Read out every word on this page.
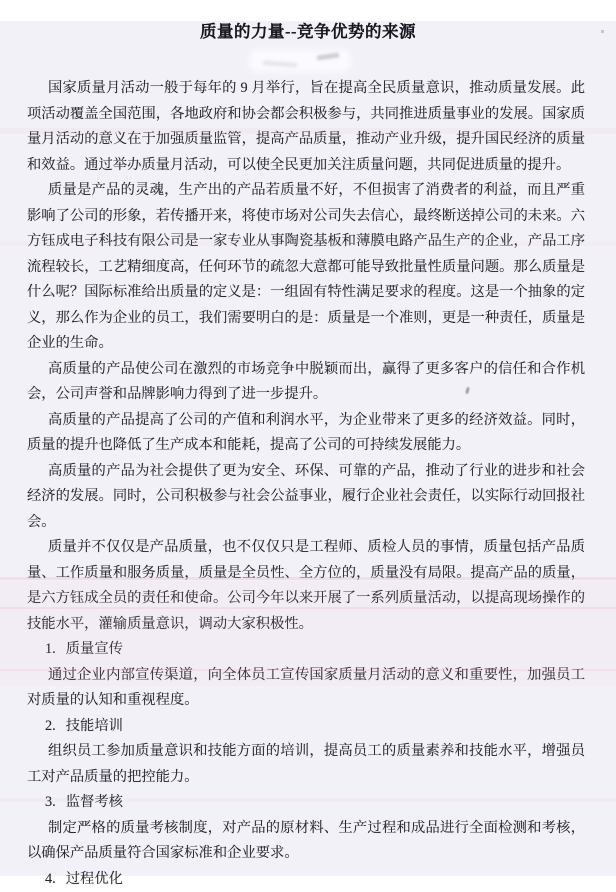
质量的力量--竞争优势的来源

国家质量月活动一般于每年的 9 月举行，旨在提高全民质量意识，推动质量发展。此项活动覆盖全国范围，各地政府和协会都会积极参与，共同推进质量事业的发展。国家质量月活动的意义在于加强质量监管，提高产品质量，推动产业升级，提升国民经济的质量和效益。通过举办质量月活动，可以使全民更加关注质量问题，共同促进质量的提升。

质量是产品的灵魂，生产出的产品若质量不好，不但损害了消费者的利益，而且严重影响了公司的形象，若传播开来，将使市场对公司失去信心，最终断送掉公司的未来。六方钰成电子科技有限公司是一家专业从事陶瓷基板和薄膜电路产品生产的企业，产品工序流程较长，工艺精细度高，任何环节的疏忽大意都可能导致批量性质量问题。那么质量是什么呢？国际标准给出质量的定义是：一组固有特性满足要求的程度。这是一个抽象的定义，那么作为企业的员工，我们需要明白的是：质量是一个准则，更是一种责任，质量是企业的生命。

高质量的产品使公司在激烈的市场竞争中脱颖而出，赢得了更多客户的信任和合作机会，公司声誉和品牌影响力得到了进一步提升。

高质量的产品提高了公司的产值和利润水平，为企业带来了更多的经济效益。同时，质量的提升也降低了生产成本和能耗，提高了公司的可持续发展能力。

高质量的产品为社会提供了更为安全、环保、可靠的产品，推动了行业的进步和社会经济的发展。同时，公司积极参与社会公益事业，履行企业社会责任，以实际行动回报社会。

质量并不仅仅是产品质量，也不仅仅只是工程师、质检人员的事情，质量包括产品质量、工作质量和服务质量，质量是全员性、全方位的，质量没有局限。提高产品的质量，是六方钰成全员的责任和使命。公司今年以来开展了一系列质量活动，以提高现场操作的技能水平，灌输质量意识，调动大家积极性。

1. 质量宣传

通过企业内部宣传渠道，向全体员工宣传国家质量月活动的意义和重要性，加强员工对质量的认知和重视程度。

2. 技能培训

组织员工参加质量意识和技能方面的培训，提高员工的质量素养和技能水平，增强员工对产品质量的把控能力。

3. 监督考核

制定严格的质量考核制度，对产品的原材料、生产过程和成品进行全面检测和考核，以确保产品质量符合国家标准和企业要求。

4. 过程优化
